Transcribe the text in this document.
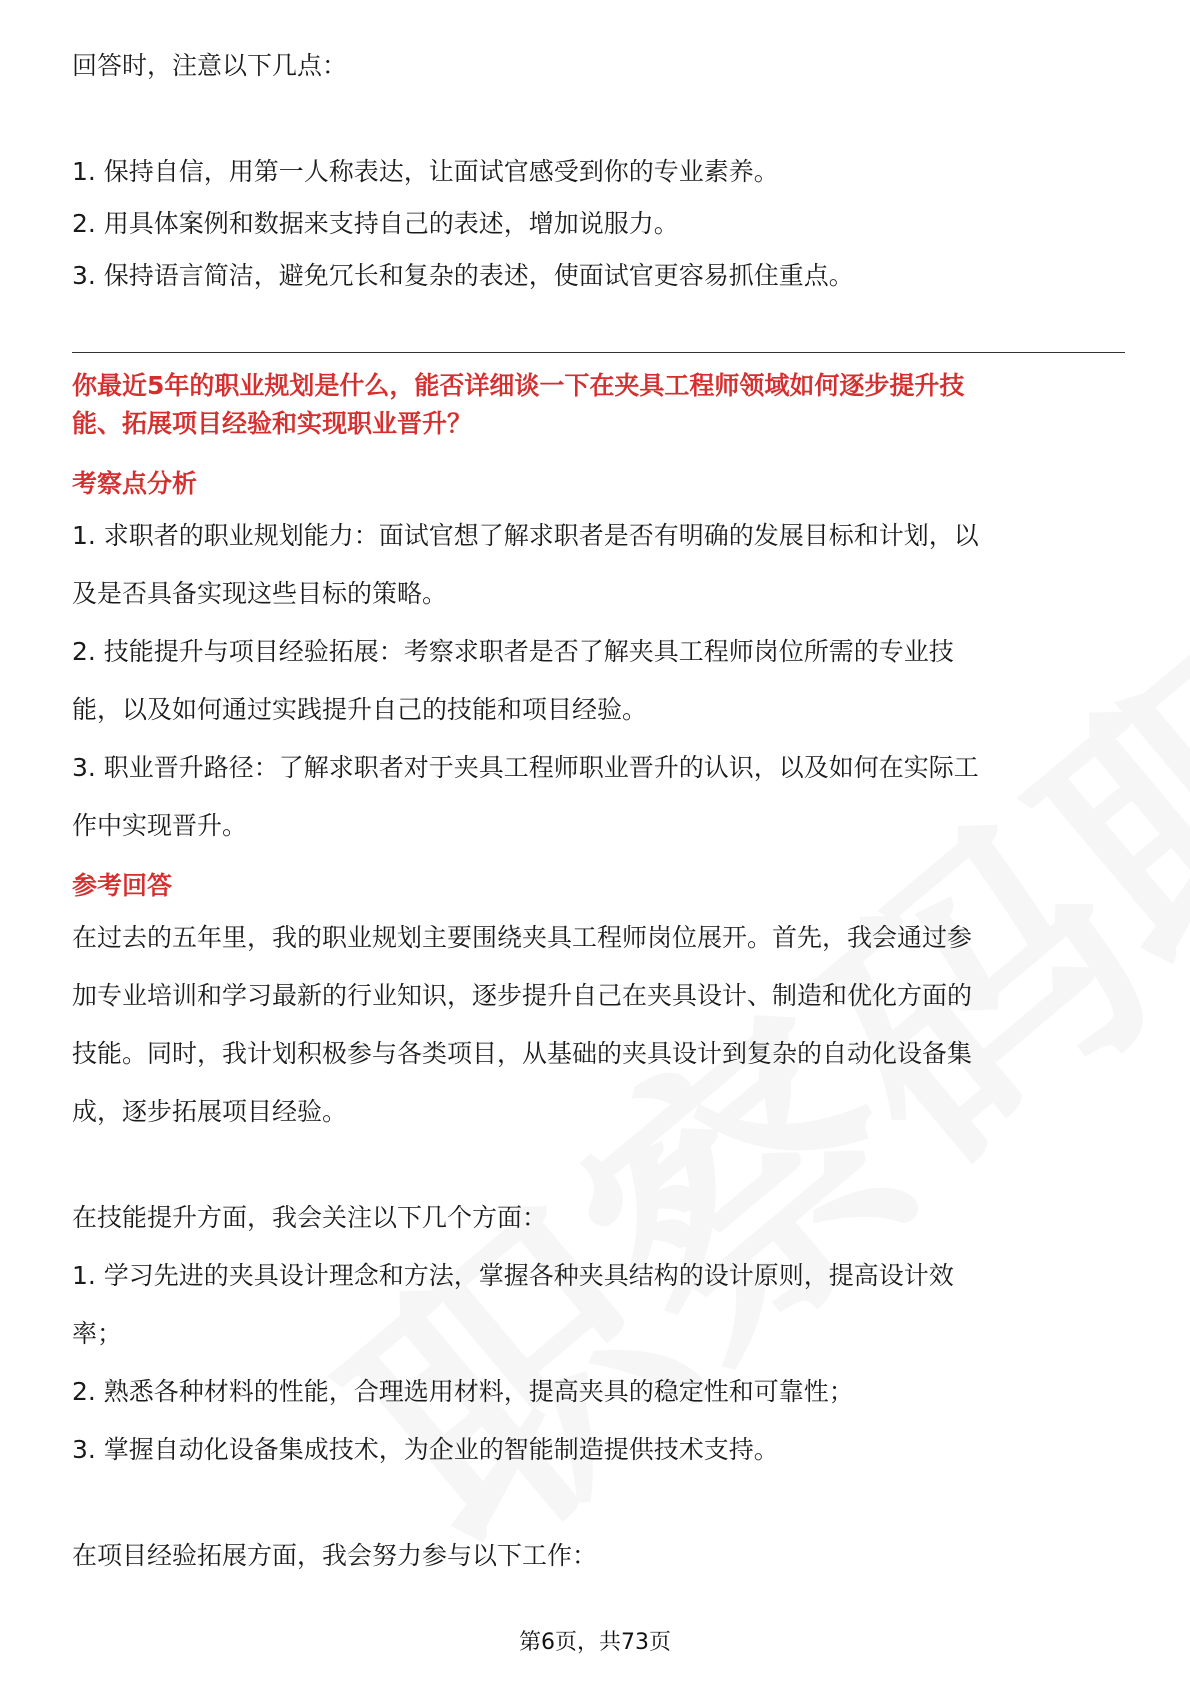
回答时，注意以下几点：
1. 保持自信，用第一人称表达，让面试官感受到你的专业素养。
2. 用具体案例和数据来支持自己的表述，增加说服力。
3. 保持语言简洁，避免冗长和复杂的表述，使面试官更容易抓住重点。
你最近5年的职业规划是什么，能否详细谈一下在夹具工程师领域如何逐步提升技
能、拓展项目经验和实现职业晋升？
考察点分析
1. 求职者的职业规划能力：面试官想了解求职者是否有明确的发展目标和计划，以
及是否具备实现这些目标的策略。
2. 技能提升与项目经验拓展：考察求职者是否了解夹具工程师岗位所需的专业技
能，以及如何通过实践提升自己的技能和项目经验。
3. 职业晋升路径：了解求职者对于夹具工程师职业晋升的认识，以及如何在实际工
作中实现晋升。
参考回答
在过去的五年里，我的职业规划主要围绕夹具工程师岗位展开。首先，我会通过参
加专业培训和学习最新的行业知识，逐步提升自己在夹具设计、制造和优化方面的
技能。同时，我计划积极参与各类项目，从基础的夹具设计到复杂的自动化设备集
成，逐步拓展项目经验。
在技能提升方面，我会关注以下几个方面：
1. 学习先进的夹具设计理念和方法，掌握各种夹具结构的设计原则，提高设计效
率；
2. 熟悉各种材料的性能，合理选用材料，提高夹具的稳定性和可靠性；
3. 掌握自动化设备集成技术，为企业的智能制造提供技术支持。
在项目经验拓展方面，我会努力参与以下工作：
第6页，共73页
